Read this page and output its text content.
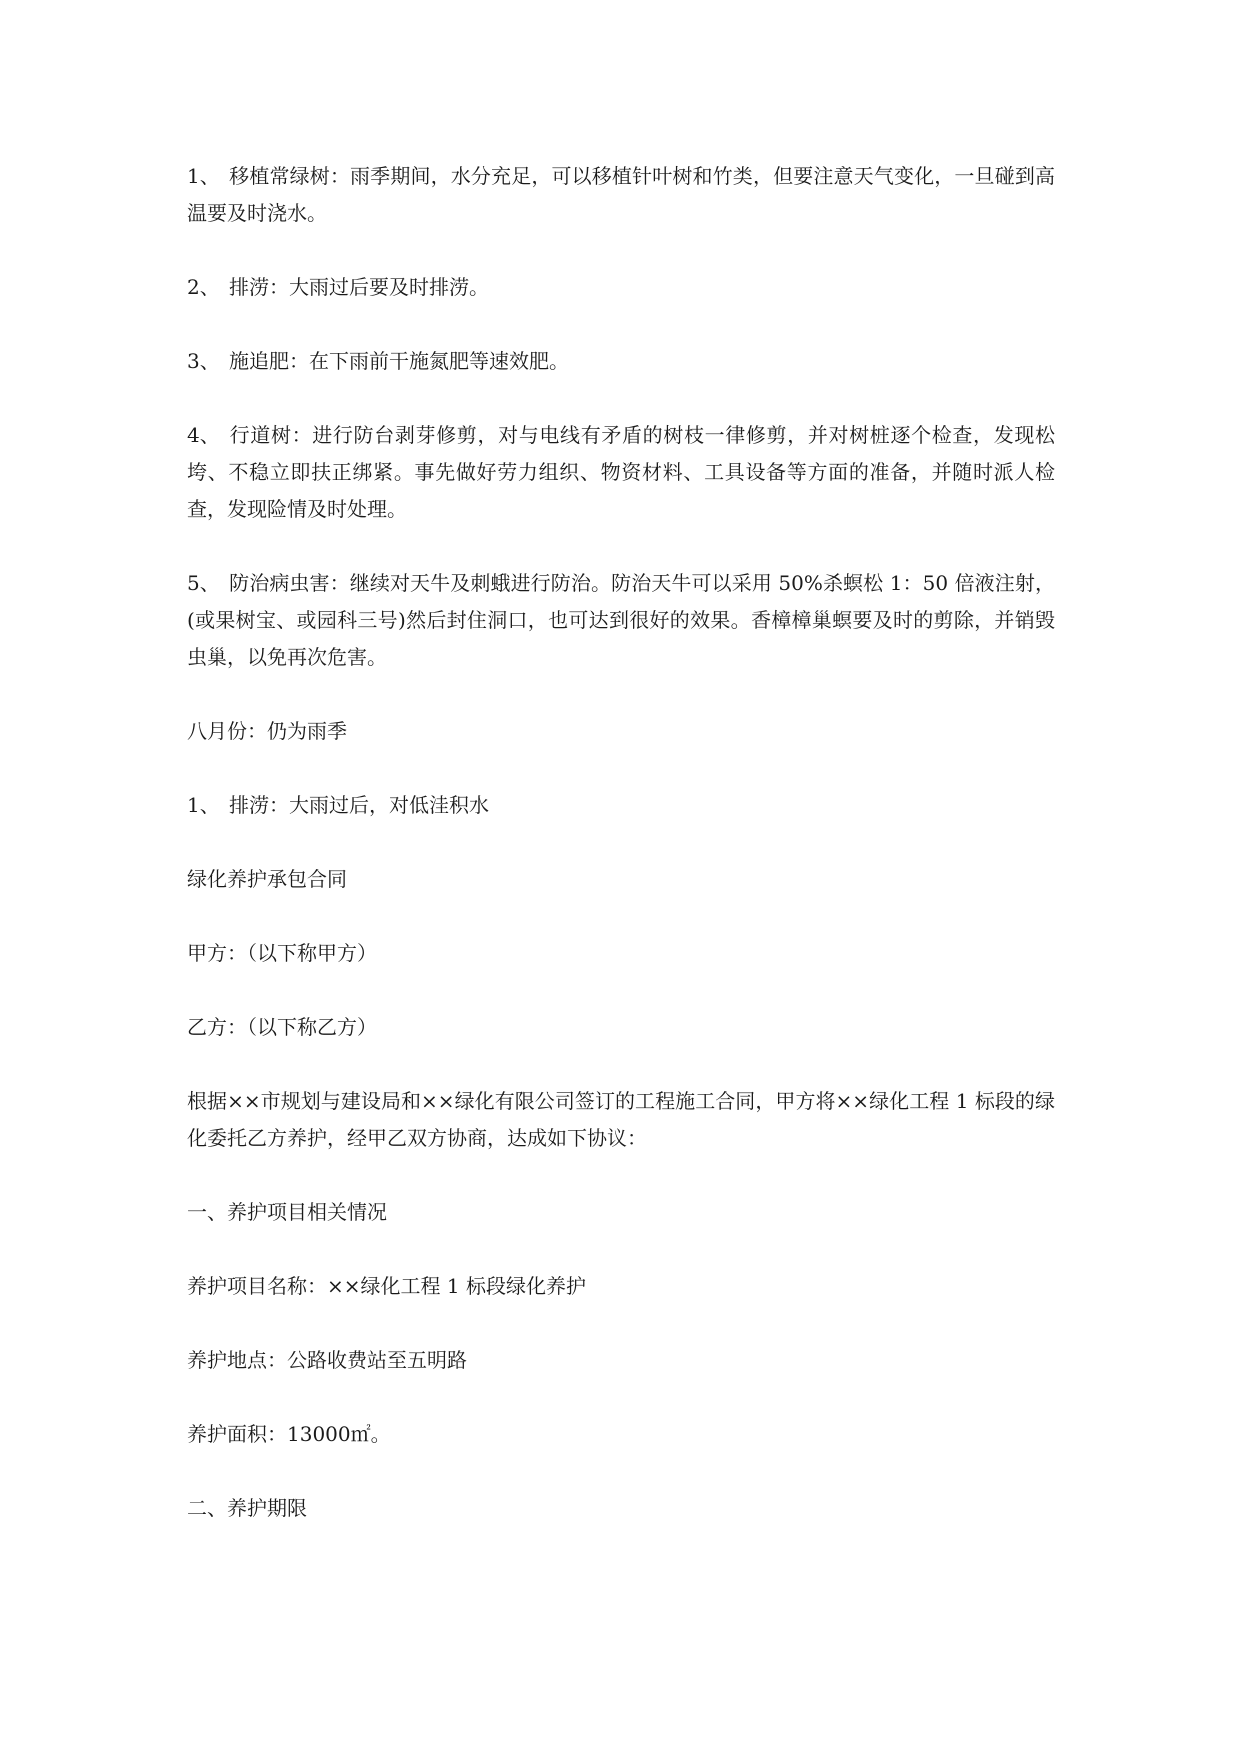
1、 移植常绿树：雨季期间，水分充足，可以移植针叶树和竹类，但要注意天气变化，一旦碰到高温要及时浇水。

2、 排涝：大雨过后要及时排涝。

3、 施追肥：在下雨前干施氮肥等速效肥。

4、 行道树：进行防台剥芽修剪，对与电线有矛盾的树枝一律修剪，并对树桩逐个检查，发现松垮、不稳立即扶正绑紧。事先做好劳力组织、物资材料、工具设备等方面的准备，并随时派人检查，发现险情及时处理。

5、 防治病虫害：继续对天牛及刺蛾进行防治。防治天牛可以采用 50%杀螟松 1：50 倍液注射，(或果树宝、或园科三号)然后封住洞口，也可达到很好的效果。香樟樟巢螟要及时的剪除，并销毁虫巢，以免再次危害。

八月份：仍为雨季

1、 排涝：大雨过后，对低洼积水

绿化养护承包合同

甲方：（以下称甲方）

乙方：（以下称乙方）

根据××市规划与建设局和××绿化有限公司签订的工程施工合同，甲方将××绿化工程 1 标段的绿化委托乙方养护，经甲乙双方协商，达成如下协议：

一、养护项目相关情况

养护项目名称：××绿化工程 1 标段绿化养护

养护地点：公路收费站至五明路

养护面积：13000㎡。

二、养护期限
